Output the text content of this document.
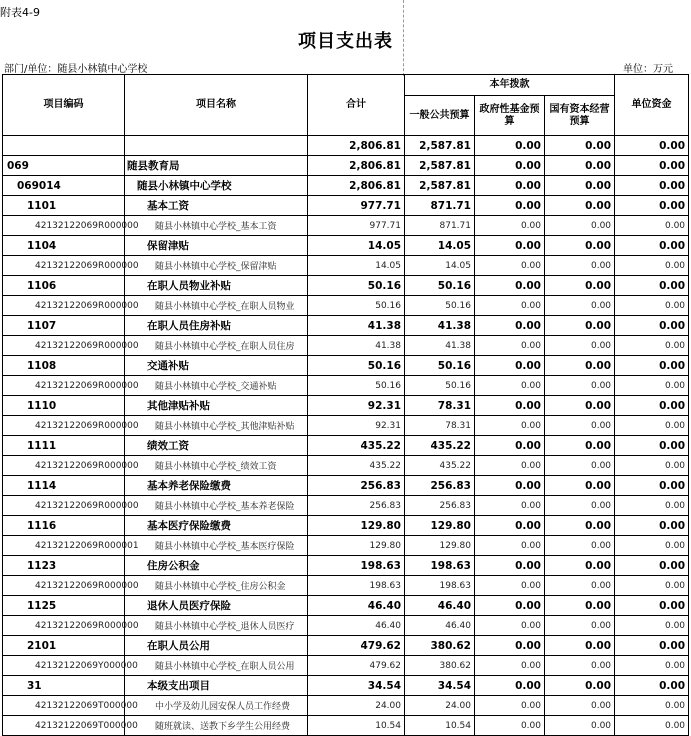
附表4-9
项目支出表
部门/单位：随县小林镇中心学校	单位：万元
项目编码	项目名称	合计	本年拨款			单位资金
			一般公共预算	政府性基金预算	国有资本经营预算	
		2,806.81	2,587.81	0.00	0.00	0.00
069	随县教育局	2,806.81	2,587.81	0.00	0.00	0.00
069014	随县小林镇中心学校	2,806.81	2,587.81	0.00	0.00	0.00
1101	基本工资	977.71	871.71	0.00	0.00	0.00
42132122069R000000	随县小林镇中心学校_基本工资	977.71	871.71	0.00	0.00	0.00
1104	保留津贴	14.05	14.05	0.00	0.00	0.00
42132122069R000000	随县小林镇中心学校_保留津贴	14.05	14.05	0.00	0.00	0.00
1106	在职人员物业补贴	50.16	50.16	0.00	0.00	0.00
42132122069R000000	随县小林镇中心学校_在职人员物业	50.16	50.16	0.00	0.00	0.00
1107	在职人员住房补贴	41.38	41.38	0.00	0.00	0.00
42132122069R000000	随县小林镇中心学校_在职人员住房	41.38	41.38	0.00	0.00	0.00
1108	交通补贴	50.16	50.16	0.00	0.00	0.00
42132122069R000000	随县小林镇中心学校_交通补贴	50.16	50.16	0.00	0.00	0.00
1110	其他津贴补贴	92.31	78.31	0.00	0.00	0.00
42132122069R000000	随县小林镇中心学校_其他津贴补贴	92.31	78.31	0.00	0.00	0.00
1111	绩效工资	435.22	435.22	0.00	0.00	0.00
42132122069R000000	随县小林镇中心学校_绩效工资	435.22	435.22	0.00	0.00	0.00
1114	基本养老保险缴费	256.83	256.83	0.00	0.00	0.00
42132122069R000000	随县小林镇中心学校_基本养老保险	256.83	256.83	0.00	0.00	0.00
1116	基本医疗保险缴费	129.80	129.80	0.00	0.00	0.00
42132122069R000001	随县小林镇中心学校_基本医疗保险	129.80	129.80	0.00	0.00	0.00
1123	住房公积金	198.63	198.63	0.00	0.00	0.00
42132122069R000000	随县小林镇中心学校_住房公积金	198.63	198.63	0.00	0.00	0.00
1125	退休人员医疗保险	46.40	46.40	0.00	0.00	0.00
42132122069R000000	随县小林镇中心学校_退休人员医疗	46.40	46.40	0.00	0.00	0.00
2101	在职人员公用	479.62	380.62	0.00	0.00	0.00
42132122069Y000000	随县小林镇中心学校_在职人员公用	479.62	380.62	0.00	0.00	0.00
31	本级支出项目	34.54	34.54	0.00	0.00	0.00
42132122069T000000	中小学及幼儿园安保人员工作经费	24.00	24.00	0.00	0.00	0.00
42132122069T000000	随班就读、送教下乡学生公用经费	10.54	10.54	0.00	0.00	0.00
